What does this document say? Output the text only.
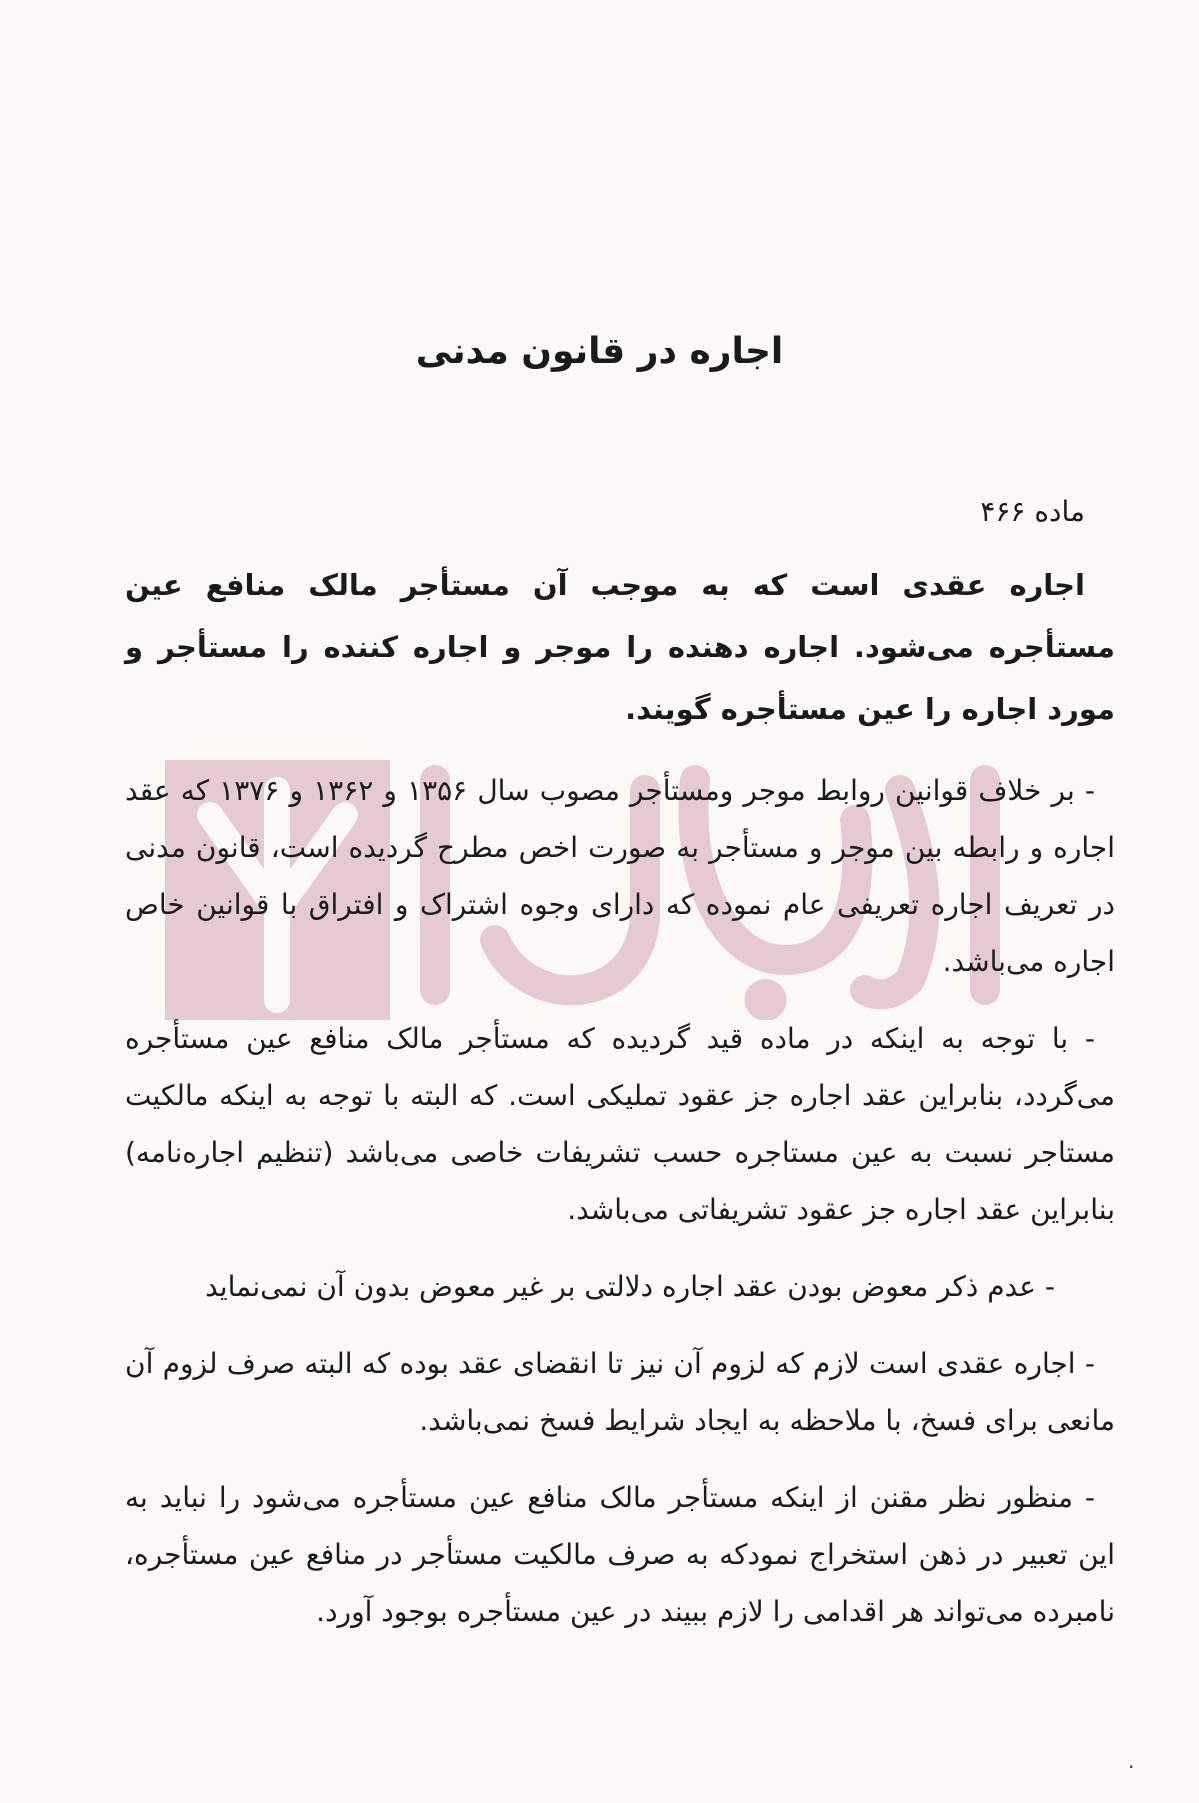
اجاره در قانون مدنی

ماده ۴۶۶

اجاره عقدی است که به موجب آن مستأجر مالک منافع عین مستأجره می‌شود. اجاره دهنده را موجر و اجاره کننده را مستأجر و مورد اجاره را عین مستأجره گویند.

- بر خلاف قوانین روابط موجر ومستأجر مصوب سال ۱۳۵۶ و ۱۳۶۲ و ۱۳۷۶ که عقد اجاره و رابطه بین موجر و مستأجر به صورت اخص مطرح گردیده است، قانون مدنی در تعریف اجاره تعریفی عام نموده که دارای وجوه اشتراک و افتراق با قوانین خاص اجاره می‌باشد.

- با توجه به اینکه در ماده قید گردیده که مستأجر مالک منافع عین مستأجره می‌گردد، بنابراین عقد اجاره جز عقود تملیکی است. که البته با توجه به اینکه مالکیت مستاجر نسبت به عین مستاجره حسب تشریفات خاصی می‌باشد (تنظیم اجاره‌نامه) بنابراین عقد اجاره جز عقود تشریفاتی می‌باشد.

- عدم ذکر معوض بودن عقد اجاره دلالتی بر غیر معوض بدون آن نمی‌نماید

- اجاره عقدی است لازم که لزوم آن نیز تا انقضای عقد بوده که البته صرف لزوم آن مانعی برای فسخ، با ملاحظه به ایجاد شرایط فسخ نمی‌باشد.

- منظور نظر مقنن از اینکه مستأجر مالک منافع عین مستأجره می‌شود را نباید به این تعبیر در ذهن استخراج نمودکه به صرف مالکیت مستأجر در منافع عین مستأجره، نامبرده می‌تواند هر اقدامی را لازم ببیند در عین مستأجره بوجود آورد.

·
